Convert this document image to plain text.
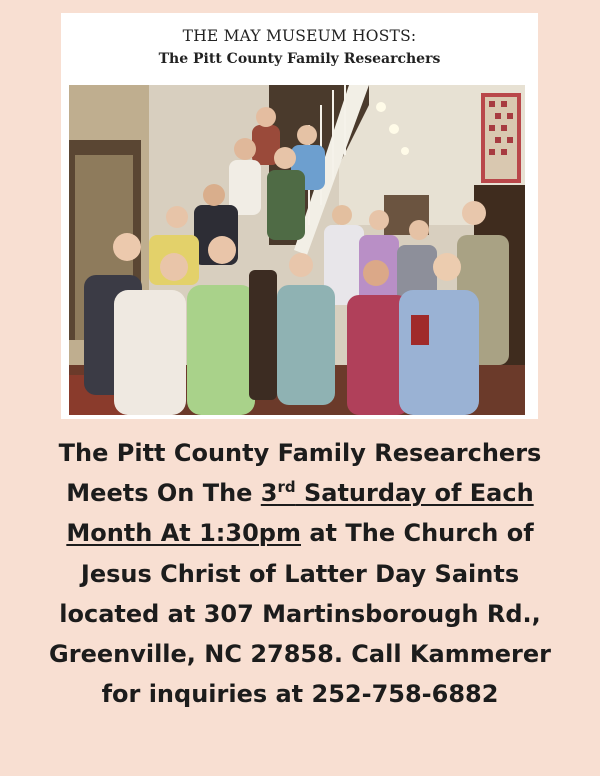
THE MAY MUSEUM HOSTS:
The Pitt County Family Researchers
The Pitt County Family Researchers
Meets On The 3rd Saturday of Each
Month At 1:30pm at The Church of
Jesus Christ of Latter Day Saints
located at 307 Martinsborough Rd.,
Greenville, NC 27858. Call Kammerer
for inquiries at 252-758-6882
